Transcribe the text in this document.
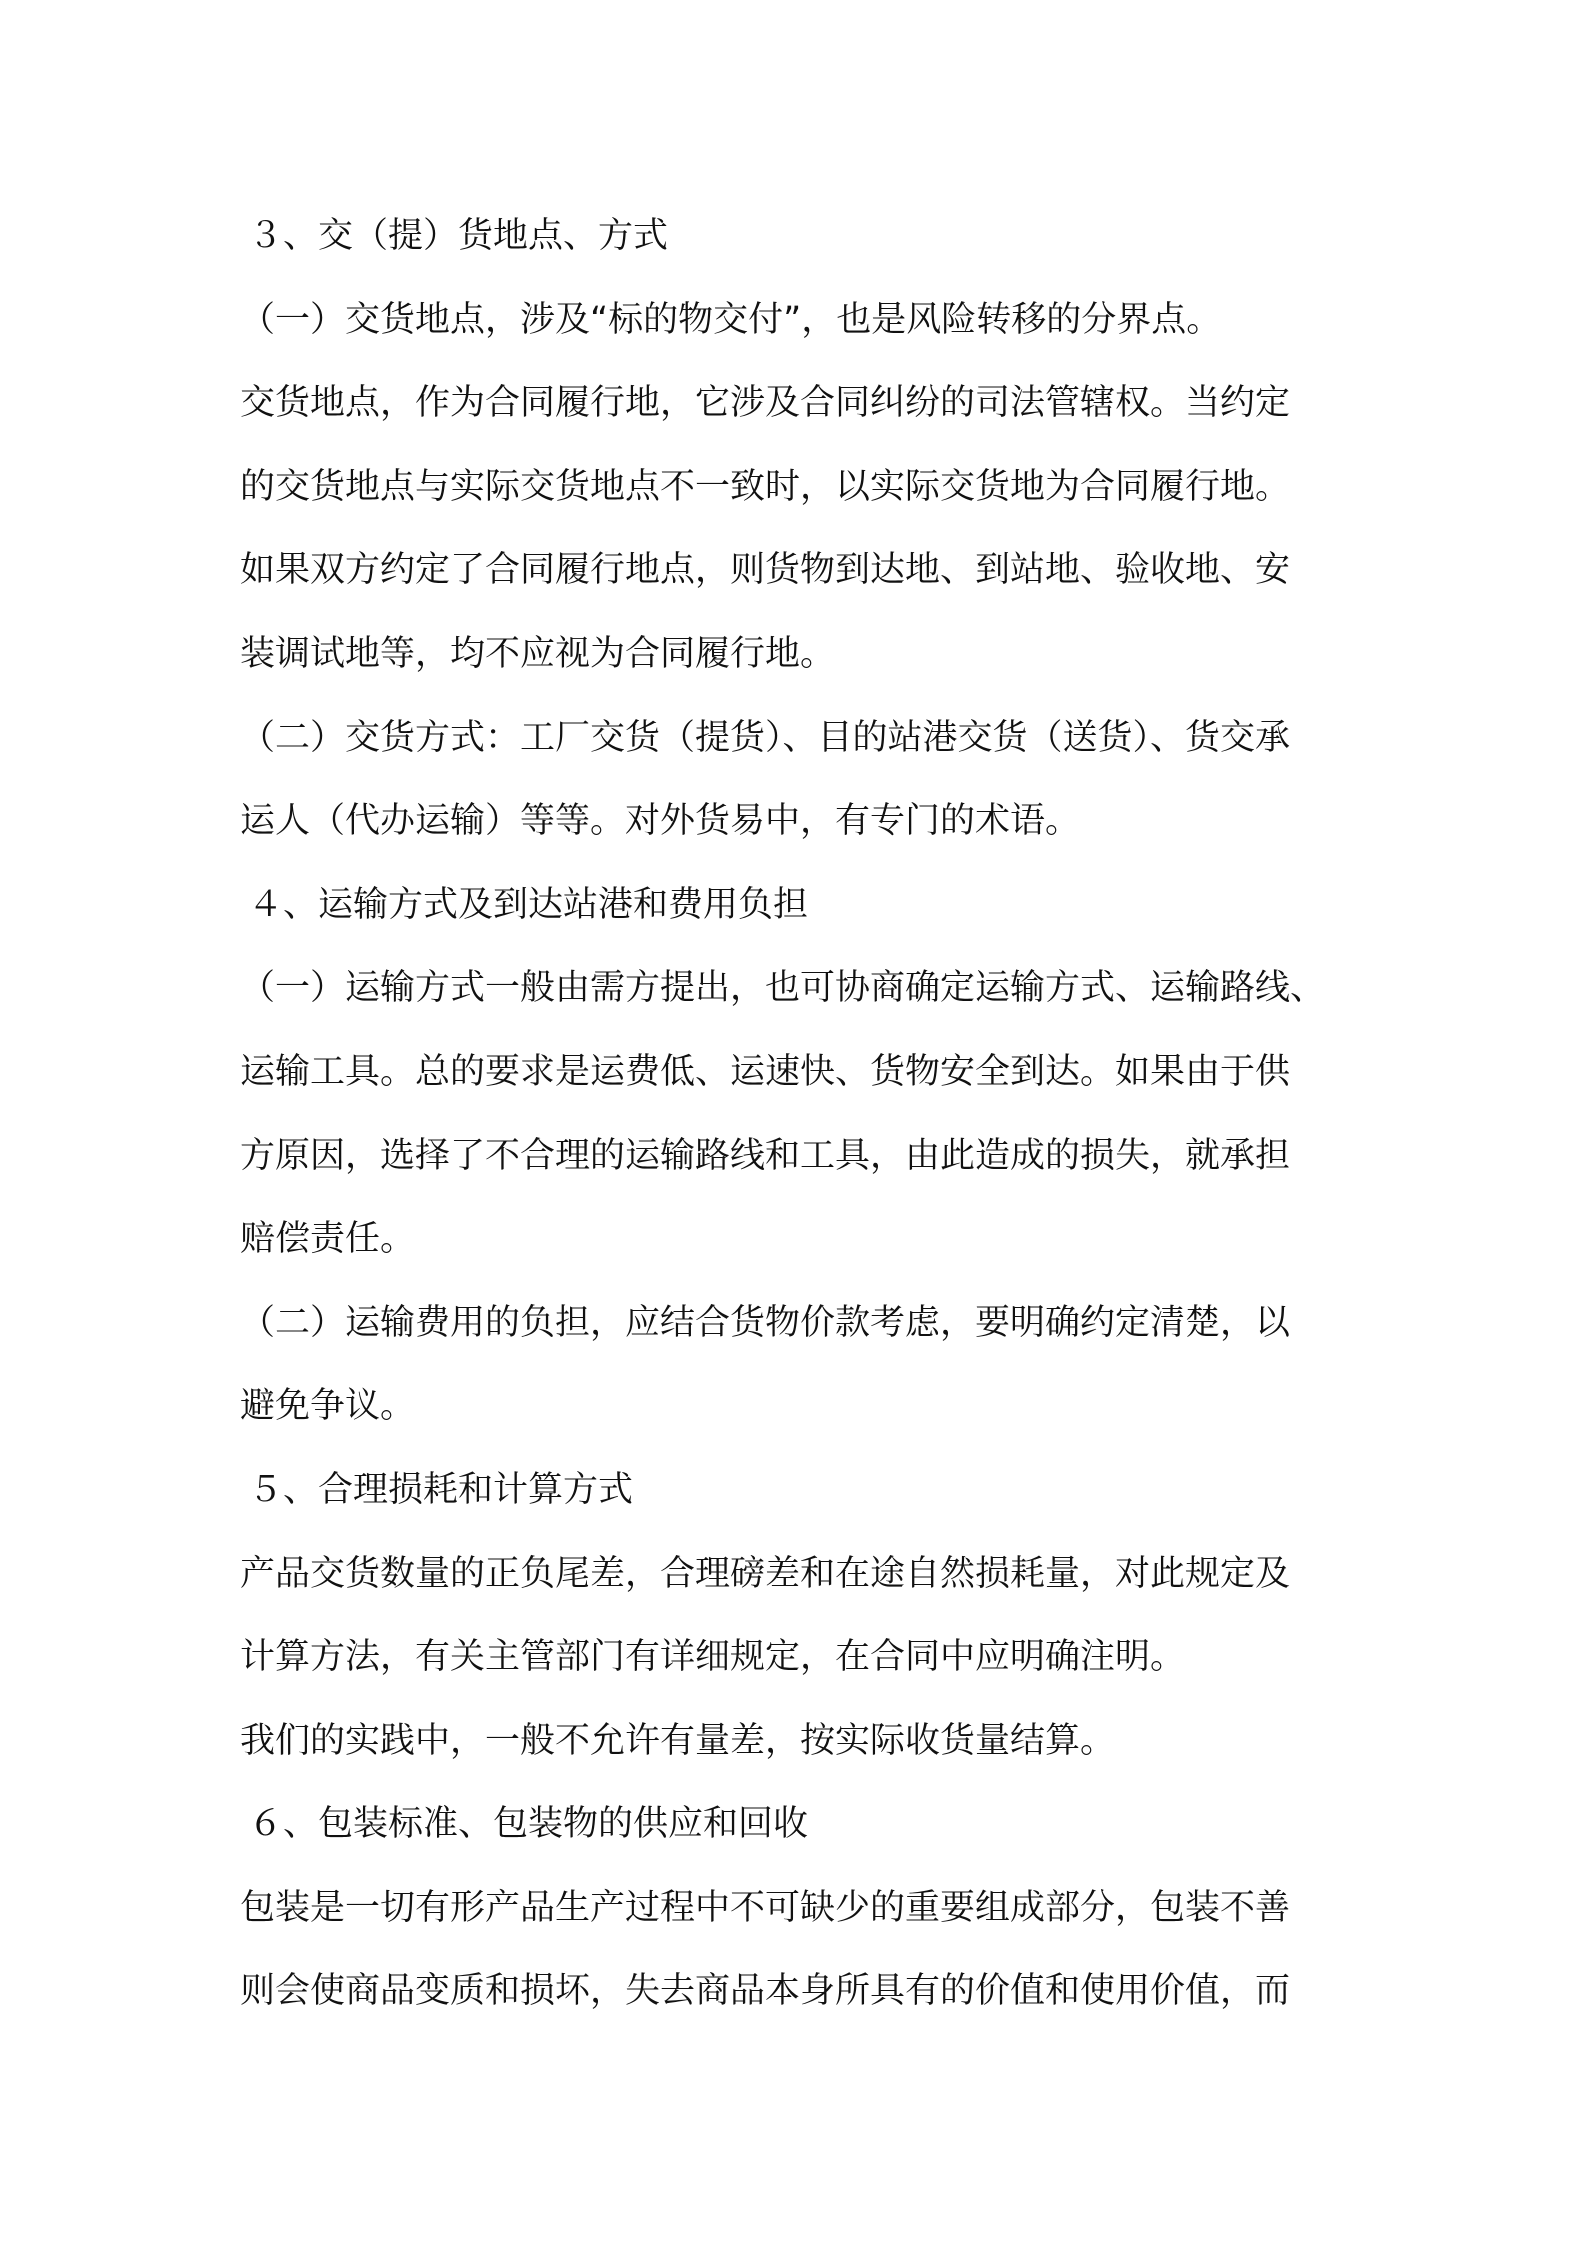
３、交（提）货地点、方式
（一）交货地点，涉及“标的物交付”，也是风险转移的分界点。
交货地点，作为合同履行地，它涉及合同纠纷的司法管辖权。当约定
的交货地点与实际交货地点不一致时，以实际交货地为合同履行地。
如果双方约定了合同履行地点，则货物到达地、到站地、验收地、安
装调试地等，均不应视为合同履行地。
（二）交货方式：工厂交货（提货）、目的站港交货（送货）、货交承
运人（代办运输）等等。对外货易中，有专门的术语。
４、运输方式及到达站港和费用负担
（一）运输方式一般由需方提出，也可协商确定运输方式、运输路线、
运输工具。总的要求是运费低、运速快、货物安全到达。如果由于供
方原因，选择了不合理的运输路线和工具，由此造成的损失，就承担
赔偿责任。
（二）运输费用的负担，应结合货物价款考虑，要明确约定清楚，以
避免争议。
５、合理损耗和计算方式
产品交货数量的正负尾差，合理磅差和在途自然损耗量，对此规定及
计算方法，有关主管部门有详细规定，在合同中应明确注明。
我们的实践中，一般不允许有量差，按实际收货量结算。
６、包装标准、包装物的供应和回收
包装是一切有形产品生产过程中不可缺少的重要组成部分，包装不善
则会使商品变质和损坏，失去商品本身所具有的价值和使用价值，而
